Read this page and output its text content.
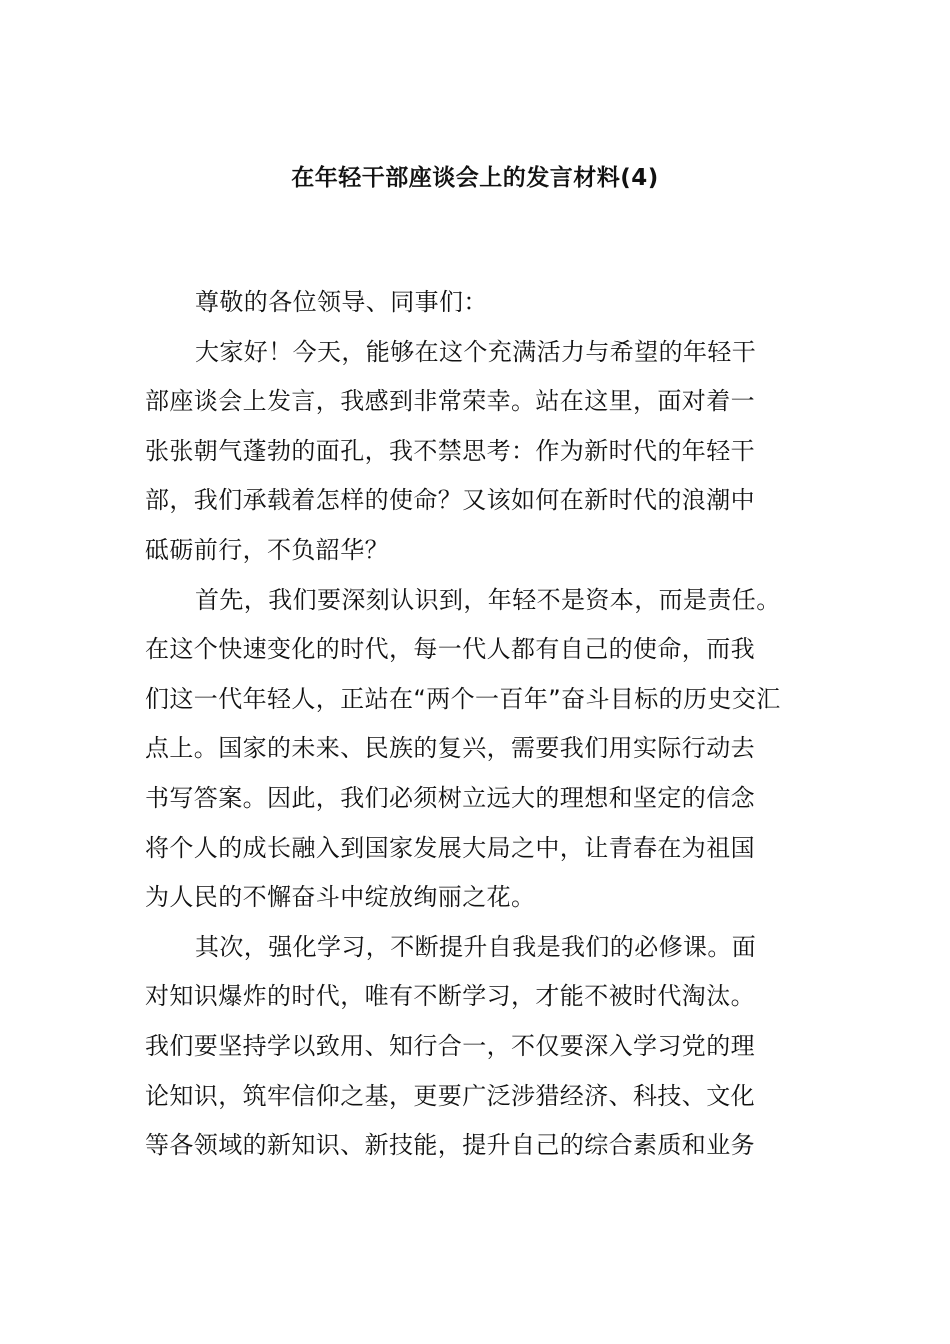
在年轻干部座谈会上的发言材料(4)
尊敬的各位领导、同事们：
大家好！今天，能够在这个充满活力与希望的年轻干
部座谈会上发言，我感到非常荣幸。站在这里，面对着一
张张朝气蓬勃的面孔，我不禁思考：作为新时代的年轻干
部，我们承载着怎样的使命？又该如何在新时代的浪潮中
砥砺前行，不负韶华？
首先，我们要深刻认识到，年轻不是资本，而是责任。
在这个快速变化的时代，每一代人都有自己的使命，而我
们这一代年轻人，正站在“两个一百年”奋斗目标的历史交汇
点上。国家的未来、民族的复兴，需要我们用实际行动去
书写答案。因此，我们必须树立远大的理想和坚定的信念
将个人的成长融入到国家发展大局之中，让青春在为祖国
为人民的不懈奋斗中绽放绚丽之花。
其次，强化学习，不断提升自我是我们的必修课。面
对知识爆炸的时代，唯有不断学习，才能不被时代淘汰。
我们要坚持学以致用、知行合一，不仅要深入学习党的理
论知识，筑牢信仰之基，更要广泛涉猎经济、科技、文化
等各领域的新知识、新技能，提升自己的综合素质和业务
